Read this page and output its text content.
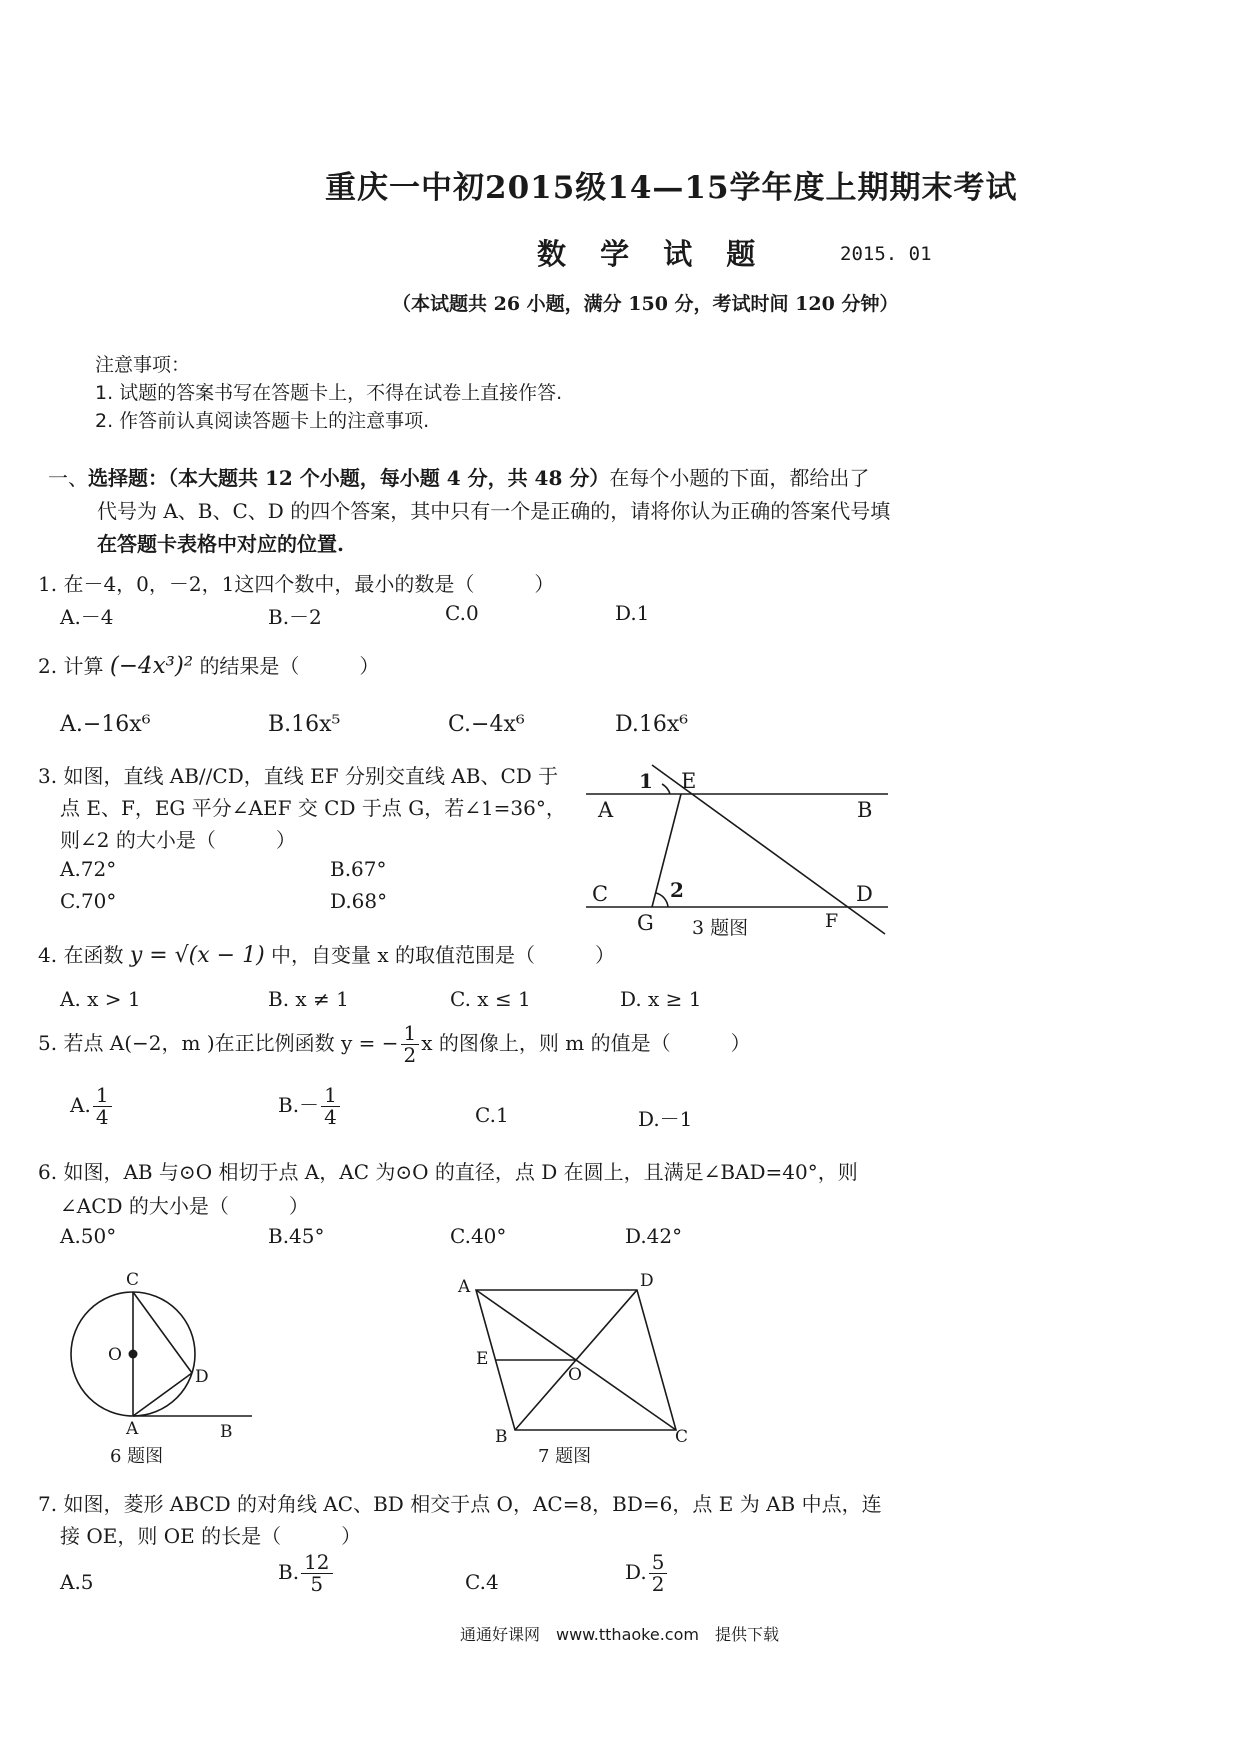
重庆一中初2015级14—15学年度上期期末考试
数 学 试 题	2015. 01
（本试题共 26 小题，满分 150 分，考试时间 120 分钟）
注意事项：
1. 试题的答案书写在答题卡上，不得在试卷上直接作答.
2. 作答前认真阅读答题卡上的注意事项.
一、选择题：（本大题共 12 个小题，每小题 4 分，共 48 分）在每个小题的下面，都给出了
代号为 A、B、C、D 的四个答案，其中只有一个是正确的，请将你认为正确的答案代号填
在答题卡表格中对应的位置.
1. 在－4，0，－2，1这四个数中，最小的数是（　　　）
A.－4	B.－2	C.0	D.1
2. 计算 (−4x³)² 的结果是（　　　）
A.−16x⁶	B.16x⁵	C.−4x⁶	D.16x⁶
3. 如图，直线 AB//CD，直线 EF 分别交直线 AB、CD 于
点 E、F，EG 平分∠AEF 交 CD 于点 G，若∠1=36°，
则∠2 的大小是（　　　）
A.72°	B.67°
C.70°	D.68°
1 E
A	B
C	2	D
G	F
3 题图
4. 在函数 y = √(x − 1) 中，自变量 x 的取值范围是（　　　）
A. x > 1	B. x ≠ 1	C. x ≤ 1	D. x ≥ 1
5. 若点 A(−2，m )在正比例函数 y = − $\frac{1}{2}$ x 的图像上，则 m 的值是（　　　）
A. $\frac{1}{4}$	$B.- \frac{1}{4}$	C.1	D.－1
6. 如图，AB 与⊙O 相切于点 A，AC 为⊙O 的直径，点 D 在圆上，且满足∠BAD=40°，则
∠ACD 的大小是（　　　）
A.50°	B.45°	C.40°	D.42°
C
O
D
A	B
6 题图
A	D
E
O
B	C
7 题图
7. 如图，菱形 ABCD 的对角线 AC、BD 相交于点 O，AC=8，BD=6，点 E 为 AB 中点，连
接 OE，则 OE 的长是（　　　）
A.5	B. $\frac{12}{5}$	C.4	D. $\frac{5}{2}$
通通好课网　www.tthaoke.com　提供下载
